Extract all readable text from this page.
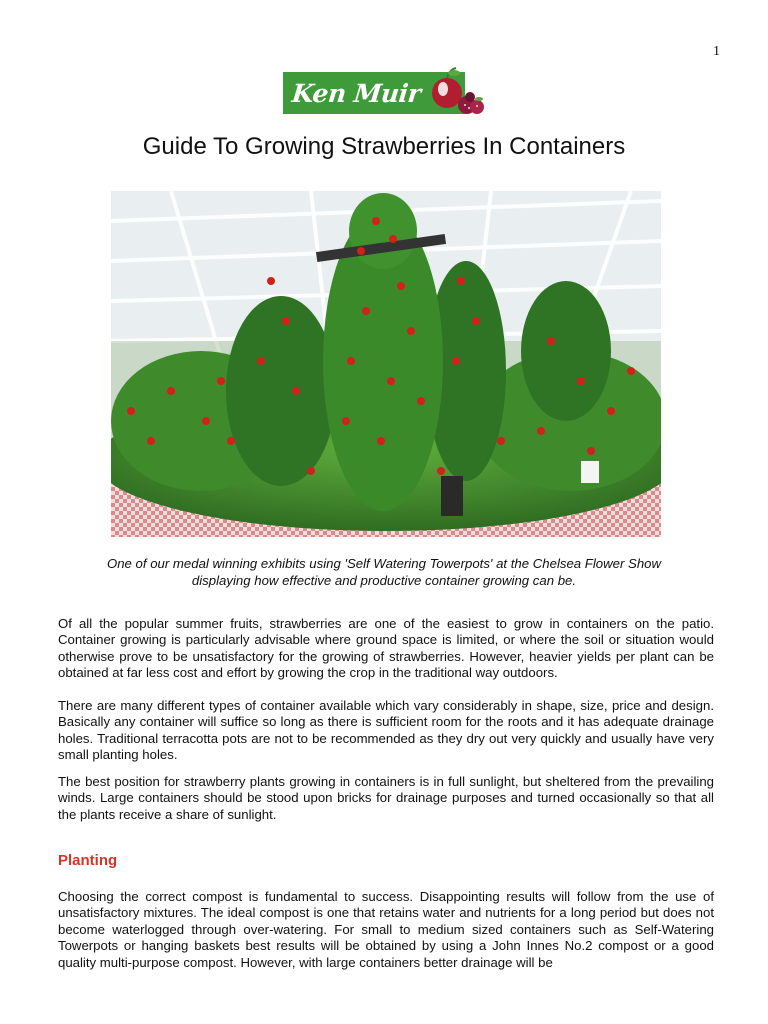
1
Ken Muir
Guide To Growing Strawberries In Containers
One of our medal winning exhibits using 'Self Watering Towerpots' at the Chelsea Flower Show
displaying how effective and productive container growing can be.

Of all the popular summer fruits, strawberries are one of the easiest to grow in containers on the patio. Container growing is particularly advisable where ground space is limited, or where the soil or situation would otherwise prove to be unsatisfactory for the growing of strawberries. However, heavier yields per plant can be obtained at far less cost and effort by growing the crop in the traditional way outdoors.

There are many different types of container available which vary considerably in shape, size, price and design. Basically any container will suffice so long as there is sufficient room for the roots and it has adequate drainage holes. Traditional terracotta pots are not to be recommended as they dry out very quickly and usually have very small planting holes.

The best position for strawberry plants growing in containers is in full sunlight, but sheltered from the prevailing winds. Large containers should be stood upon bricks for drainage purposes and turned occasionally so that all the plants receive a share of sunlight.

Planting

Choosing the correct compost is fundamental to success. Disappointing results will follow from the use of unsatisfactory mixtures. The ideal compost is one that retains water and nutrients for a long period but does not become waterlogged through over-watering. For small to medium sized containers such as Self-Watering Towerpots or hanging baskets best results will be obtained by using a John Innes No.2 compost or a good quality multi-purpose compost. However, with large containers better drainage will be
